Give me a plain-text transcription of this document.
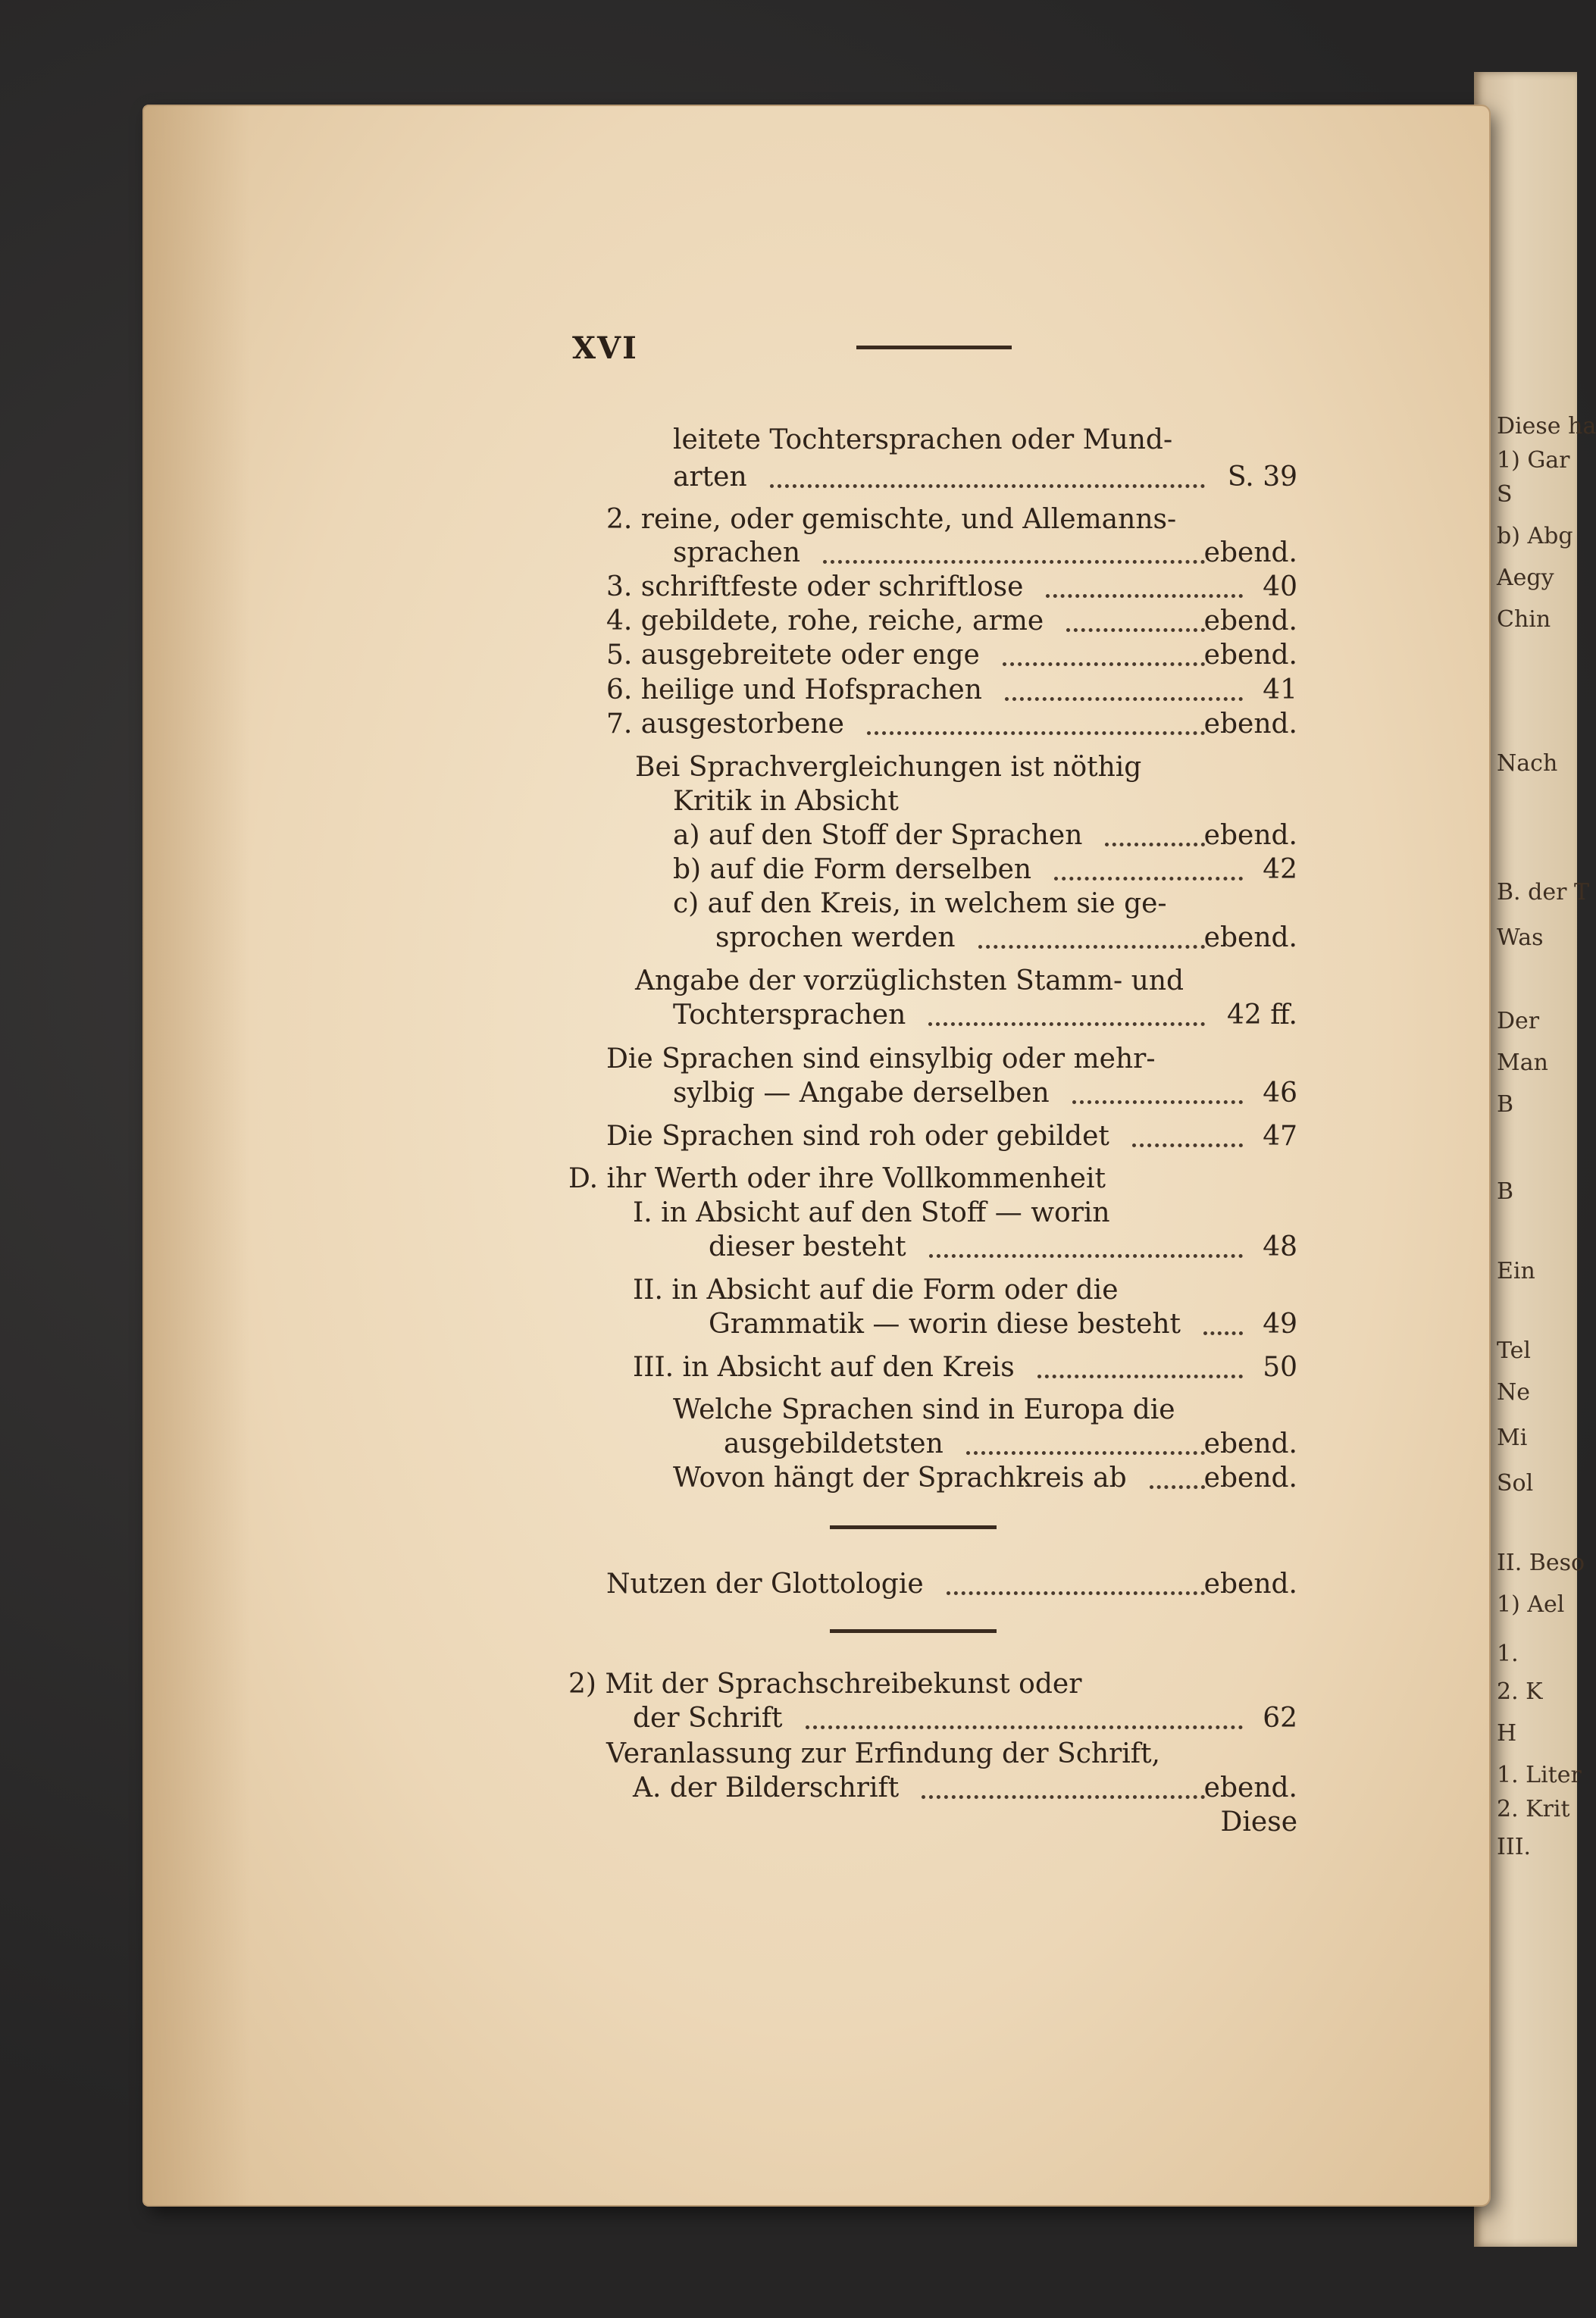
Diese ha
1) Gar
S
b) Abg
Aegy
Chin
Nach
B. der T
Was
Der
Man
B
B
Ein
Tel
Ne
Mi
Sol
II. Beso
1) Ael
1.
2. K
H
1. Liter
2. Krit
III.
XVI
leitete Tochtersprachen oder Mund-
arten	S. 39
2. reine, oder gemischte, und Allemanns-
sprachen	ebend.
3. schriftfeste oder schriftlose	40
4. gebildete, rohe, reiche, arme	ebend.
5. ausgebreitete oder enge	ebend.
6. heilige und Hofsprachen	41
7. ausgestorbene	ebend.
Bei Sprachvergleichungen ist nöthig
Kritik in Absicht
a) auf den Stoff der Sprachen	ebend.
b) auf die Form derselben	42
c) auf den Kreis, in welchem sie ge-
sprochen werden	ebend.
Angabe der vorzüglichsten Stamm- und
Tochtersprachen	42 ff.
Die Sprachen sind einsylbig oder mehr-
sylbig — Angabe derselben	46
Die Sprachen sind roh oder gebildet	47
D. ihr Werth oder ihre Vollkommenheit
I. in Absicht auf den Stoff — worin
dieser besteht	48
II. in Absicht auf die Form oder die
Grammatik — worin diese besteht	49
III. in Absicht auf den Kreis	50
Welche Sprachen sind in Europa die
ausgebildetsten	ebend.
Wovon hängt der Sprachkreis ab	ebend.
Nutzen der Glottologie	ebend.
2) Mit der Sprachschreibekunst oder
der Schrift	62
Veranlassung zur Erfindung der Schrift,
A. der Bilderschrift	ebend.
Diese
